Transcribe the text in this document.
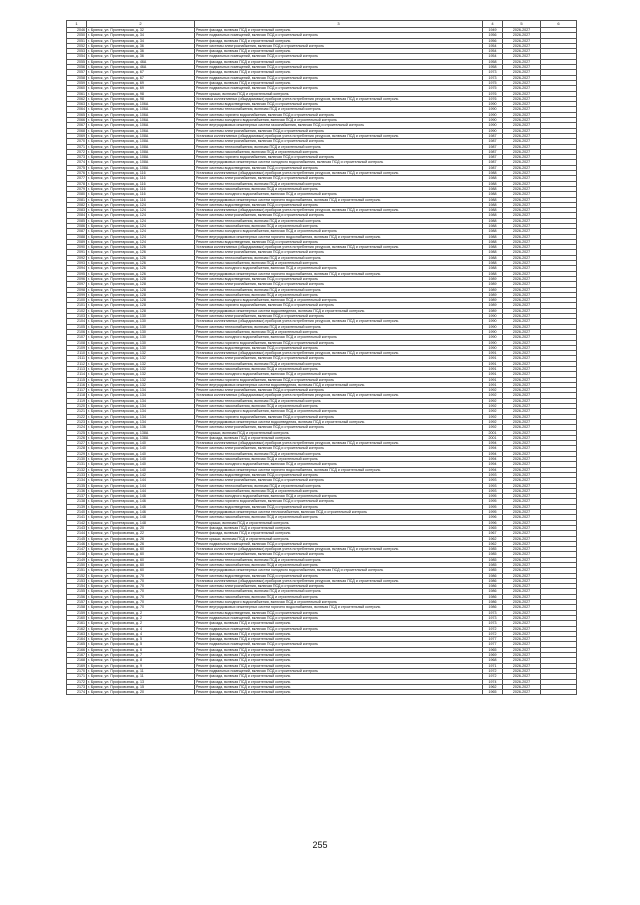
1	2	3	4	5	6
2046	г. Брянск, ул. Пролетарская, д. 32	Ремонт фасада, включая ПСД и строительный контроль	1949	2026-2027	
2050	г. Брянск, ул. Пролетарская, д. 34	Ремонт подвальных помещений, включая ПСД и строительный контроль	1956	2026-2027	
2051	г. Брянск, ул. Пролетарская, д. 34	Ремонт фасада, включая ПСД и строительный контроль	1956	2026-2027	
2052	г. Брянск, ул. Пролетарская, д. 36	Ремонт системы электроснабжения, включая ПСД и строительный контроль	1954	2026-2027	
2053	г. Брянск, ул. Пролетарская, д. 36	Ремонт фасада, включая ПСД и строительный контроль	1954	2026-2027	
2054	г. Брянск, ул. Пролетарская, д. 36	Ремонт подвальных помещений, включая ПСД и строительный контроль	1954	2026-2027	
2055	г. Брянск, ул. Пролетарская, д. 46А	Ремонт фасада, включая ПСД и строительный контроль	1958	2026-2027	
2056	г. Брянск, ул. Пролетарская, д. 46А	Ремонт подвальных помещений, включая ПСД и строительный контроль	1958	2026-2027	
2057	г. Брянск, ул. Пролетарская, д. 67	Ремонт фасада, включая ПСД и строительный контроль	1973	2026-2027	
2058	г. Брянск, ул. Пролетарская, д. 67	Ремонт подвальных помещений, включая ПСД и строительный контроль	1973	2026-2027	
2059	г. Брянск, ул. Пролетарская, д. 69	Ремонт фасада, включая ПСД и строительный контроль	1975	2026-2027	
2060	г. Брянск, ул. Пролетарская, д. 69	Ремонт подвальных помещений, включая ПСД и строительный контроль	1975	2026-2027	
2061	г. Брянск, ул. Пролетарская, д. 98	Ремонт крыши, включая ПСД и строительный контроль	1976	2026-2027	
2062	г. Брянск, ул. Пролетарская, д. 98	Установка коллективных (общедомовых) приборов учета потребления ресурсов, включая ПСД и строительный контроль	1976	2026-2027	
2063	г. Брянск, ул. Пролетарская, д. 106А	Ремонт системы водоотведения, включая ПСД и строительный контроль	1990	2026-2027	
2064	г. Брянск, ул. Пролетарская, д. 106А	Ремонт системы теплоснабжения, включая ПСД и строительный контроль	1990	2026-2027	
2065	г. Брянск, ул. Пролетарская, д. 106А	Ремонт системы горячего водоснабжения, включая ПСД и строительный контроль	1990	2026-2027	
2066	г. Брянск, ул. Пролетарская, д. 106А	Ремонт системы холодного водоснабжения, включая ПСД и строительный контроль	1990	2026-2027	
2067	г. Брянск, ул. Пролетарская, д. 106А	Ремонт внутридомовых инженерных систем газоснабжения, включая ПСД и строительный контроль	1990	2026-2027	
2068	г. Брянск, ул. Пролетарская, д. 106А	Ремонт системы электроснабжения, включая ПСД и строительный контроль	1990	2026-2027	
2069	г. Брянск, ул. Пролетарская, д. 108А	Установка коллективных (общедомовых) приборов учета потребления ресурсов, включая ПСД и строительный контроль	1987	2026-2027	
2070	г. Брянск, ул. Пролетарская, д. 108А	Ремонт системы электроснабжения, включая ПСД и строительный контроль	1987	2026-2027	
2071	г. Брянск, ул. Пролетарская, д. 108А	Ремонт системы теплоснабжения, включая ПСД и строительный контроль	1987	2026-2027	
2072	г. Брянск, ул. Пролетарская, д. 108А	Ремонт системы газоснабжения, включая ПСД и строительный контроль	1987	2026-2027	
2073	г. Брянск, ул. Пролетарская, д. 108А	Ремонт системы горячего водоснабжения, включая ПСД и строительный контроль	1987	2026-2027	
2074	г. Брянск, ул. Пролетарская, д. 108А	Ремонт внутридомовых инженерных систем холодного водоснабжения, включая ПСД и строительный контроль	1987	2026-2027	
2075	г. Брянск, ул. Пролетарская, д. 108А	Ремонт системы водоотведения, включая ПСД и строительный контроль	1987	2026-2027	
2076	г. Брянск, ул. Пролетарская, д. 116	Установка коллективных (общедомовых) приборов учета потребления ресурсов, включая ПСД и строительный контроль	1988	2026-2027	
2077	г. Брянск, ул. Пролетарская, д. 116	Ремонт системы электроснабжения, включая ПСД и строительный контроль	1988	2026-2027	
2078	г. Брянск, ул. Пролетарская, д. 116	Ремонт системы теплоснабжения, включая ПСД и строительный контроль	1988	2026-2027	
2079	г. Брянск, ул. Пролетарская, д. 116	Ремонт системы газоснабжения, включая ПСД и строительный контроль	1988	2026-2027	
2080	г. Брянск, ул. Пролетарская, д. 116	Ремонт системы холодного водоснабжения, включая ПСД и строительный контроль	1988	2026-2027	
2081	г. Брянск, ул. Пролетарская, д. 116	Ремонт внутридомовых инженерных систем горячего водоснабжения, включая ПСД и строительный контроль	1988	2026-2027	
2082	г. Брянск, ул. Пролетарская, д. 124	Ремонт системы водоотведения, включая ПСД и строительный контроль	1988	2026-2027	
2083	г. Брянск, ул. Пролетарская, д. 124	Установка коллективных (общедомовых) приборов учета потребления ресурсов, включая ПСД и строительный контроль	1988	2026-2027	
2084	г. Брянск, ул. Пролетарская, д. 124	Ремонт системы электроснабжения, включая ПСД и строительный контроль	1988	2026-2027	
2085	г. Брянск, ул. Пролетарская, д. 124	Ремонт системы теплоснабжения, включая ПСД и строительный контроль	1988	2026-2027	
2086	г. Брянск, ул. Пролетарская, д. 124	Ремонт системы газоснабжения, включая ПСД и строительный контроль	1988	2026-2027	
2087	г. Брянск, ул. Пролетарская, д. 124	Ремонт системы холодного водоснабжения, включая ПСД и строительный контроль	1988	2026-2027	
2088	г. Брянск, ул. Пролетарская, д. 124	Ремонт внутридомовых инженерных систем горячего водоснабжения, включая ПСД и строительный контроль	1988	2026-2027	
2089	г. Брянск, ул. Пролетарская, д. 124	Ремонт системы водоотведения, включая ПСД и строительный контроль	1988	2026-2027	
2090	г. Брянск, ул. Пролетарская, д. 126	Установка коллективных (общедомовых) приборов учета потребления ресурсов, включая ПСД и строительный контроль	1988	2026-2027	
2091	г. Брянск, ул. Пролетарская, д. 126	Ремонт системы электроснабжения, включая ПСД и строительный контроль	1988	2026-2027	
2092	г. Брянск, ул. Пролетарская, д. 126	Ремонт системы теплоснабжения, включая ПСД и строительный контроль	1988	2026-2027	
2093	г. Брянск, ул. Пролетарская, д. 126	Ремонт системы газоснабжения, включая ПСД и строительный контроль	1988	2026-2027	
2094	г. Брянск, ул. Пролетарская, д. 126	Ремонт системы холодного водоснабжения, включая ПСД и строительный контроль	1988	2026-2027	
2095	г. Брянск, ул. Пролетарская, д. 126	Ремонт внутридомовых инженерных систем горячего водоснабжения, включая ПСД и строительный контроль	1988	2026-2027	
2096	г. Брянск, ул. Пролетарская, д. 128	Ремонт системы водоотведения, включая ПСД и строительный контроль	1989	2026-2027	
2097	г. Брянск, ул. Пролетарская, д. 128	Ремонт системы электроснабжения, включая ПСД и строительный контроль	1989	2026-2027	
2098	г. Брянск, ул. Пролетарская, д. 128	Ремонт системы теплоснабжения, включая ПСД и строительный контроль	1989	2026-2027	
2099	г. Брянск, ул. Пролетарская, д. 128	Ремонт системы газоснабжения, включая ПСД и строительный контроль	1989	2026-2027	
2100	г. Брянск, ул. Пролетарская, д. 128	Ремонт системы холодного водоснабжения, включая ПСД и строительный контроль	1989	2026-2027	
2101	г. Брянск, ул. Пролетарская, д. 128	Ремонт системы горячего водоснабжения, включая ПСД и строительный контроль	1989	2026-2027	
2102	г. Брянск, ул. Пролетарская, д. 128	Ремонт внутридомовых инженерных систем водоотведения, включая ПСД и строительный контроль	1989	2026-2027	
2103	г. Брянск, ул. Пролетарская, д. 130	Ремонт системы электроснабжения, включая ПСД и строительный контроль	1990	2026-2027	
2104	г. Брянск, ул. Пролетарская, д. 130	Установка коллективных (общедомовых) приборов учета потребления ресурсов, включая ПСД и строительный контроль	1990	2026-2027	
2105	г. Брянск, ул. Пролетарская, д. 130	Ремонт системы теплоснабжения, включая ПСД и строительный контроль	1990	2026-2027	
2106	г. Брянск, ул. Пролетарская, д. 130	Ремонт системы газоснабжения, включая ПСД и строительный контроль	1990	2026-2027	
2107	г. Брянск, ул. Пролетарская, д. 130	Ремонт системы холодного водоснабжения, включая ПСД и строительный контроль	1990	2026-2027	
2108	г. Брянск, ул. Пролетарская, д. 130	Ремонт системы горячего водоснабжения, включая ПСД и строительный контроль	1990	2026-2027	
2109	г. Брянск, ул. Пролетарская, д. 130	Ремонт системы водоотведения, включая ПСД и строительный контроль	1990	2026-2027	
2110	г. Брянск, ул. Пролетарская, д. 132	Установка коллективных (общедомовых) приборов учета потребления ресурсов, включая ПСД и строительный контроль	1991	2026-2027	
2111	г. Брянск, ул. Пролетарская, д. 132	Ремонт системы электроснабжения, включая ПСД и строительный контроль	1991	2026-2027	
2112	г. Брянск, ул. Пролетарская, д. 132	Ремонт системы теплоснабжения, включая ПСД и строительный контроль	1991	2026-2027	
2113	г. Брянск, ул. Пролетарская, д. 132	Ремонт системы газоснабжения, включая ПСД и строительный контроль	1991	2026-2027	
2114	г. Брянск, ул. Пролетарская, д. 132	Ремонт системы холодного водоснабжения, включая ПСД и строительный контроль	1991	2026-2027	
2115	г. Брянск, ул. Пролетарская, д. 132	Ремонт системы горячего водоснабжения, включая ПСД и строительный контроль	1991	2026-2027	
2116	г. Брянск, ул. Пролетарская, д. 132	Ремонт внутридомовых инженерных систем водоотведения, включая ПСД и строительный контроль	1991	2026-2027	
2117	г. Брянск, ул. Пролетарская, д. 134	Ремонт системы электроснабжения, включая ПСД и строительный контроль	1992	2026-2027	
2118	г. Брянск, ул. Пролетарская, д. 134	Установка коллективных (общедомовых) приборов учета потребления ресурсов, включая ПСД и строительный контроль	1992	2026-2027	
2119	г. Брянск, ул. Пролетарская, д. 134	Ремонт системы теплоснабжения, включая ПСД и строительный контроль	1992	2026-2027	
2120	г. Брянск, ул. Пролетарская, д. 134	Ремонт системы газоснабжения, включая ПСД и строительный контроль	1992	2026-2027	
2121	г. Брянск, ул. Пролетарская, д. 134	Ремонт системы холодного водоснабжения, включая ПСД и строительный контроль	1992	2026-2027	
2122	г. Брянск, ул. Пролетарская, д. 134	Ремонт системы горячего водоснабжения, включая ПСД и строительный контроль	1992	2026-2027	
2123	г. Брянск, ул. Пролетарская, д. 134	Ремонт внутридомовых инженерных систем водоотведения, включая ПСД и строительный контроль	1992	2026-2027	
2124	г. Брянск, ул. Пролетарская, д. 136	Ремонт системы электроснабжения, включая ПСД и строительный контроль	1992	2026-2027	
2125	г. Брянск, ул. Пролетарская, д. 138А	Ремонт крыши, включая ПСД и строительный контроль	2001	2026-2027	
2126	г. Брянск, ул. Пролетарская, д. 138А	Ремонт фасада, включая ПСД и строительный контроль	2001	2026-2027	
2127	г. Брянск, ул. Пролетарская, д. 140	Установка коллективных (общедомовых) приборов учета потребления ресурсов, включая ПСД и строительный контроль	1994	2026-2027	
2128	г. Брянск, ул. Пролетарская, д. 140	Ремонт системы электроснабжения, включая ПСД и строительный контроль	1994	2026-2027	
2129	г. Брянск, ул. Пролетарская, д. 140	Ремонт системы теплоснабжения, включая ПСД и строительный контроль	1994	2026-2027	
2130	г. Брянск, ул. Пролетарская, д. 140	Ремонт системы газоснабжения, включая ПСД и строительный контроль	1994	2026-2027	
2131	г. Брянск, ул. Пролетарская, д. 140	Ремонт системы холодного водоснабжения, включая ПСД и строительный контроль	1994	2026-2027	
2132	г. Брянск, ул. Пролетарская, д. 140	Ремонт внутридомовых инженерных систем горячего водоснабжения, включая ПСД и строительный контроль	1994	2026-2027	
2133	г. Брянск, ул. Пролетарская, д. 142	Ремонт системы водоотведения, включая ПСД и строительный контроль	1993	2026-2027	
2134	г. Брянск, ул. Пролетарская, д. 144	Ремонт системы электроснабжения, включая ПСД и строительный контроль	1993	2026-2027	
2135	г. Брянск, ул. Пролетарская, д. 144	Ремонт системы теплоснабжения, включая ПСД и строительный контроль	1993	2026-2027	
2136	г. Брянск, ул. Пролетарская, д. 144	Ремонт системы газоснабжения, включая ПСД и строительный контроль	1993	2026-2027	
2137	г. Брянск, ул. Пролетарская, д. 146	Ремонт системы холодного водоснабжения, включая ПСД и строительный контроль	1995	2026-2027	
2138	г. Брянск, ул. Пролетарская, д. 146	Ремонт системы горячего водоснабжения, включая ПСД и строительный контроль	1995	2026-2027	
2139	г. Брянск, ул. Пролетарская, д. 146	Ремонт системы водоотведения, включая ПСД и строительный контроль	1995	2026-2027	
2140	г. Брянск, ул. Пролетарская, д. 146	Ремонт внутридомовых инженерных систем теплоснабжения, включая ПСД и строительный контроль	1995	2026-2027	
2141	г. Брянск, ул. Пролетарская, д. 148	Ремонт системы газоснабжения, включая ПСД и строительный контроль	1996	2026-2027	
2142	г. Брянск, ул. Пролетарская, д. 148	Ремонт крыши, включая ПСД и строительный контроль	1996	2026-2027	
2143	г. Брянск, ул. Профсоюзная, д. 20	Ремонт фасада, включая ПСД и строительный контроль	1965	2026-2027	
2144	г. Брянск, ул. Профсоюзная, д. 22	Ремонт фасада, включая ПСД и строительный контроль	1967	2026-2027	
2145	г. Брянск, ул. Профсоюзная, д. 26	Ремонт крыши, включая ПСД и строительный контроль	1962	2026-2027	
2146	г. Брянск, ул. Профсоюзная, д. 26	Ремонт подвальных помещений, включая ПСД и строительный контроль	1962	2026-2027	
2147	г. Брянск, ул. Профсоюзная, д. 60	Установка коллективных (общедомовых) приборов учета потребления ресурсов, включая ПСД и строительный контроль	1985	2026-2027	
2148	г. Брянск, ул. Профсоюзная, д. 60	Ремонт системы электроснабжения, включая ПСД и строительный контроль	1985	2026-2027	
2149	г. Брянск, ул. Профсоюзная, д. 60	Ремонт системы теплоснабжения, включая ПСД и строительный контроль	1985	2026-2027	
2150	г. Брянск, ул. Профсоюзная, д. 60	Ремонт системы газоснабжения, включая ПСД и строительный контроль	1985	2026-2027	
2151	г. Брянск, ул. Профсоюзная, д. 60	Ремонт внутридомовых инженерных систем холодного водоснабжения, включая ПСД и строительный контроль	1985	2026-2027	
2152	г. Брянск, ул. Профсоюзная, д. 70	Ремонт системы водоотведения, включая ПСД и строительный контроль	1986	2026-2027	
2153	г. Брянск, ул. Профсоюзная, д. 70	Установка коллективных (общедомовых) приборов учета потребления ресурсов, включая ПСД и строительный контроль	1986	2026-2027	
2154	г. Брянск, ул. Профсоюзная, д. 70	Ремонт системы электроснабжения, включая ПСД и строительный контроль	1986	2026-2027	
2155	г. Брянск, ул. Профсоюзная, д. 70	Ремонт системы теплоснабжения, включая ПСД и строительный контроль	1986	2026-2027	
2156	г. Брянск, ул. Профсоюзная, д. 70	Ремонт системы газоснабжения, включая ПСД и строительный контроль	1986	2026-2027	
2157	г. Брянск, ул. Профсоюзная, д. 70	Ремонт системы холодного водоснабжения, включая ПСД и строительный контроль	1986	2026-2027	
2158	г. Брянск, ул. Профсоюзная, д. 70	Ремонт внутридомовых инженерных систем горячего водоснабжения, включая ПСД и строительный контроль	1986	2026-2027	
2159	г. Брянск, ул. Профсоюзная, д. 2	Ремонт системы водоотведения, включая ПСД и строительный контроль	1973	2026-2027	
2160	г. Брянск, ул. Профсоюзная, д. 2	Ремонт подвальных помещений, включая ПСД и строительный контроль	1973	2026-2027	
2161	г. Брянск, ул. Профсоюзная, д. 2	Ремонт фасада, включая ПСД и строительный контроль	1973	2026-2027	
2162	г. Брянск, ул. Профсоюзная, д. 4	Ремонт подвальных помещений, включая ПСД и строительный контроль	1972	2026-2027	
2163	г. Брянск, ул. Профсоюзная, д. 4	Ремонт фасада, включая ПСД и строительный контроль	1972	2026-2027	
2164	г. Брянск, ул. Профсоюзная, д. 5	Ремонт фасада, включая ПСД и строительный контроль	1977	2026-2027	
2165	г. Брянск, ул. Профсоюзная, д. 5	Ремонт подвальных помещений, включая ПСД и строительный контроль	1977	2026-2027	
2166	г. Брянск, ул. Профсоюзная, д. 6	Ремонт фасада, включая ПСД и строительный контроль	1965	2026-2027	
2167	г. Брянск, ул. Профсоюзная, д. 7	Ремонт фасада, включая ПСД и строительный контроль	1969	2026-2027	
2168	г. Брянск, ул. Профсоюзная, д. 8	Ремонт фасада, включая ПСД и строительный контроль	1968	2026-2027	
2169	г. Брянск, ул. Профсоюзная, д. 9	Ремонт фасада, включая ПСД и строительный контроль	1971	2026-2027	
2170	г. Брянск, ул. Профсоюзная, д. 11	Ремонт подвальных помещений, включая ПСД и строительный контроль	1972	2026-2027	
2171	г. Брянск, ул. Профсоюзная, д. 11	Ремонт фасада, включая ПСД и строительный контроль	1972	2026-2027	
2172	г. Брянск, ул. Профсоюзная, д. 13	Ремонт фасада, включая ПСД и строительный контроль	1974	2026-2027	
2173	г. Брянск, ул. Профсоюзная, д. 15	Ремонт фасада, включая ПСД и строительный контроль	1962	2026-2027	
2174	г. Брянск, ул. Профсоюзная, д. 20	Ремонт фасада, включая ПСД и строительный контроль	1965	2026-2027	
255
